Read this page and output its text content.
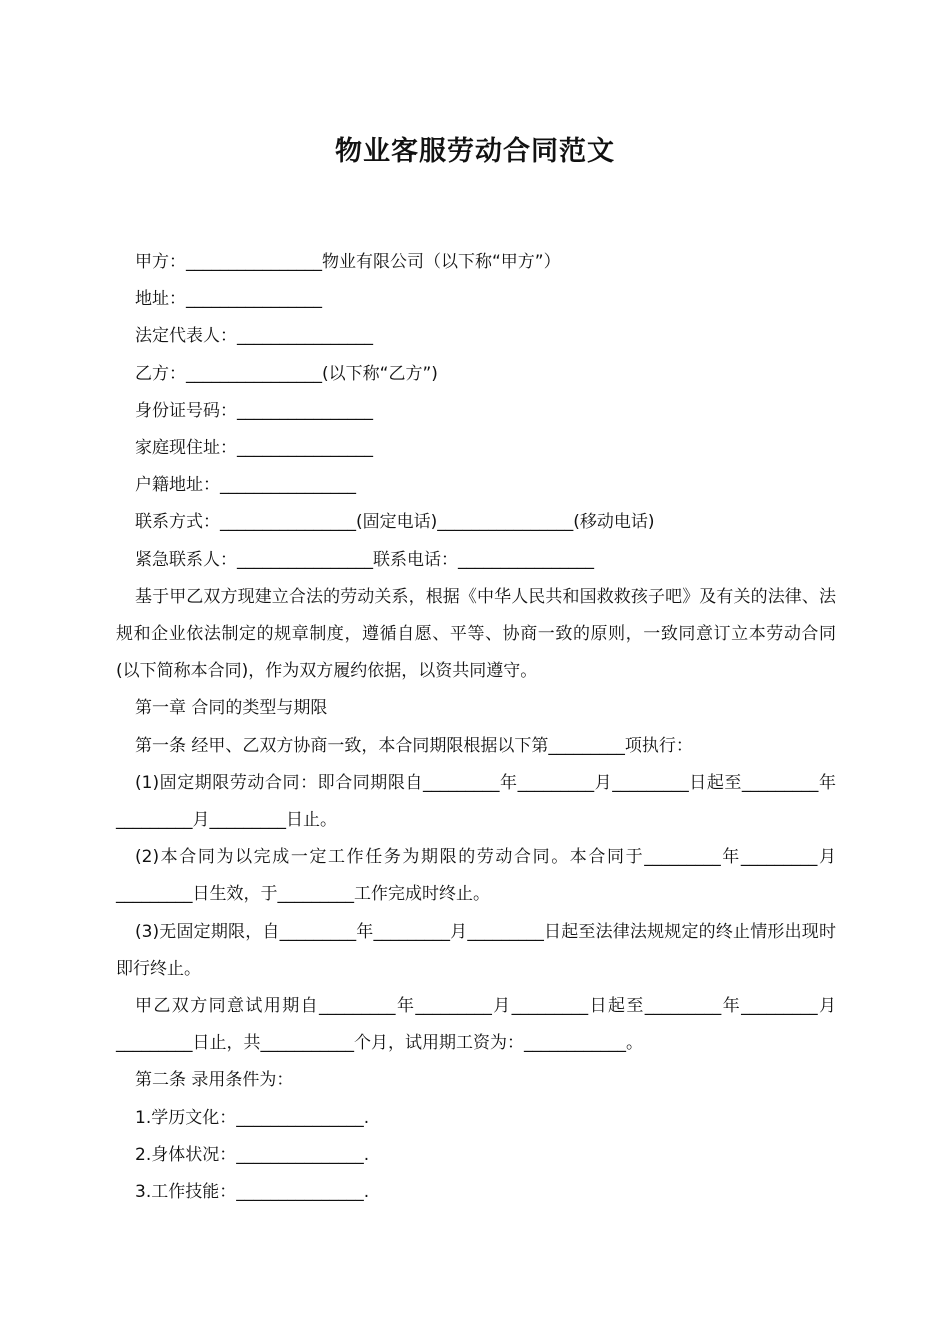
物业客服劳动合同范文
甲方：________________物业有限公司（以下称“甲方”）
地址：________________
法定代表人：________________
乙方：________________(以下称“乙方”)
身份证号码：________________
家庭现住址：________________
户籍地址：________________
联系方式：________________(固定电话)________________(移动电话)
紧急联系人：________________联系电话：________________
基于甲乙双方现建立合法的劳动关系，根据《中华人民共和国救救孩子吧》及有关的法律、法规和企业依法制定的规章制度，遵循自愿、平等、协商一致的原则，一致同意订立本劳动合同(以下简称本合同)，作为双方履约依据，以资共同遵守。
第一章 合同的类型与期限
第一条 经甲、乙双方协商一致，本合同期限根据以下第_________项执行：
(1)固定期限劳动合同：即合同期限自_________年_________月_________日起至_________年_________月_________日止。
(2)本合同为以完成一定工作任务为期限的劳动合同。本合同于_________年_________月_________日生效，于_________工作完成时终止。
(3)无固定期限，自_________年_________月_________日起至法律法规规定的终止情形出现时即行终止。
甲乙双方同意试用期自_________年_________月_________日起至_________年_________月_________日止，共___________个月，试用期工资为：____________。
第二条 录用条件为：
1.学历文化：_______________.
2.身体状况：_______________.
3.工作技能：_______________.
